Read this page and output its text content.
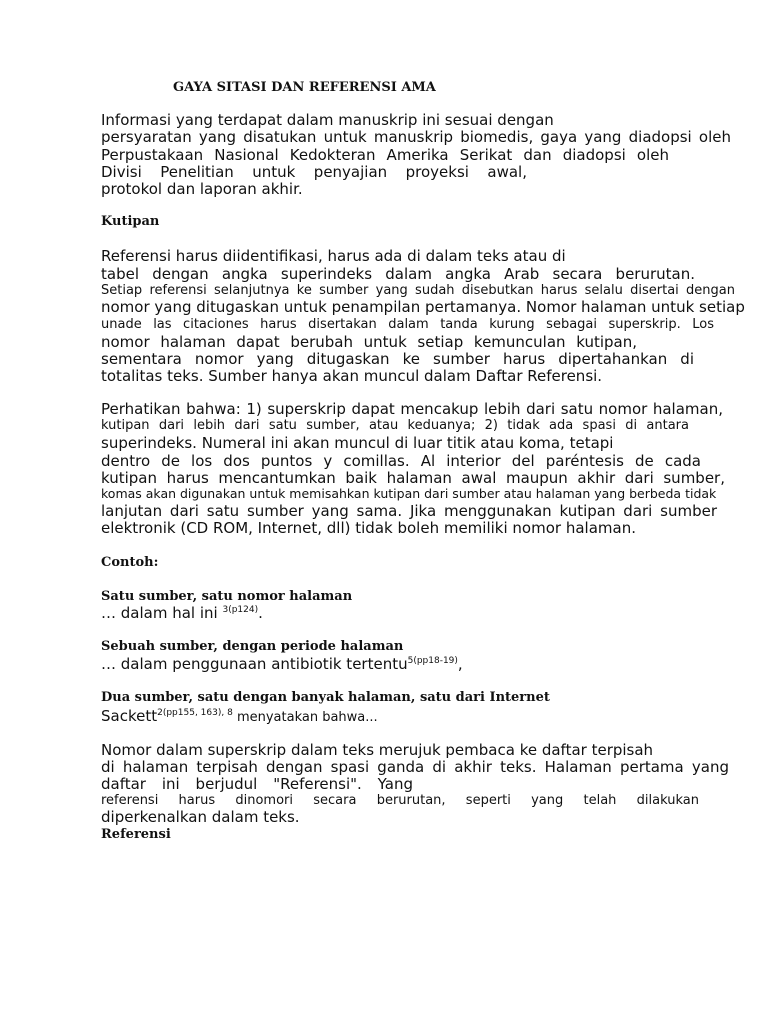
GAYA SITASI DAN REFERENSI AMA
Informasi yang terdapat dalam manuskrip ini sesuai dengan
persyaratan yang disatukan untuk manuskrip biomedis, gaya yang diadopsi oleh
Perpustakaan Nasional Kedokteran Amerika Serikat dan diadopsi oleh
Divisi Penelitian untuk penyajian proyeksi awal,
protokol dan laporan akhir.
Kutipan
Referensi harus diidentifikasi, harus ada di dalam teks atau di
tabel dengan angka superindeks dalam angka Arab secara berurutan.
Setiap referensi selanjutnya ke sumber yang sudah disebutkan harus selalu disertai dengan
nomor yang ditugaskan untuk penampilan pertamanya. Nomor halaman untuk setiap
unade las citaciones harus disertakan dalam tanda kurung sebagai superskrip. Los
nomor halaman dapat berubah untuk setiap kemunculan kutipan,
sementara nomor yang ditugaskan ke sumber harus dipertahankan di
totalitas teks. Sumber hanya akan muncul dalam Daftar Referensi.
Perhatikan bahwa: 1) superskrip dapat mencakup lebih dari satu nomor halaman,
kutipan dari lebih dari satu sumber, atau keduanya; 2) tidak ada spasi di antara
superindeks. Numeral ini akan muncul di luar titik atau koma, tetapi
dentro de los dos puntos y comillas. Al interior del paréntesis de cada
kutipan harus mencantumkan baik halaman awal maupun akhir dari sumber,
komas akan digunakan untuk memisahkan kutipan dari sumber atau halaman yang berbeda tidak
lanjutan dari satu sumber yang sama. Jika menggunakan kutipan dari sumber
elektronik (CD ROM, Internet, dll) tidak boleh memiliki nomor halaman.
Contoh:
Satu sumber, satu nomor halaman
… dalam hal ini $^{3(p124)}$.
Sebuah sumber, dengan periode halaman
… dalam penggunaan antibiotik tertentu$^{5(pp18-19)}$,
Dua sumber, satu dengan banyak halaman, satu dari Internet
Sackett$^{2(pp155, 163), 8}$ menyatakan bahwa...
Nomor dalam superskrip dalam teks merujuk pembaca ke daftar terpisah
di halaman terpisah dengan spasi ganda di akhir teks. Halaman pertama yang
daftar ini berjudul "Referensi". Yang
referensi harus dinomori secara berurutan, seperti yang telah dilakukan
diperkenalkan dalam teks.
Referensi
